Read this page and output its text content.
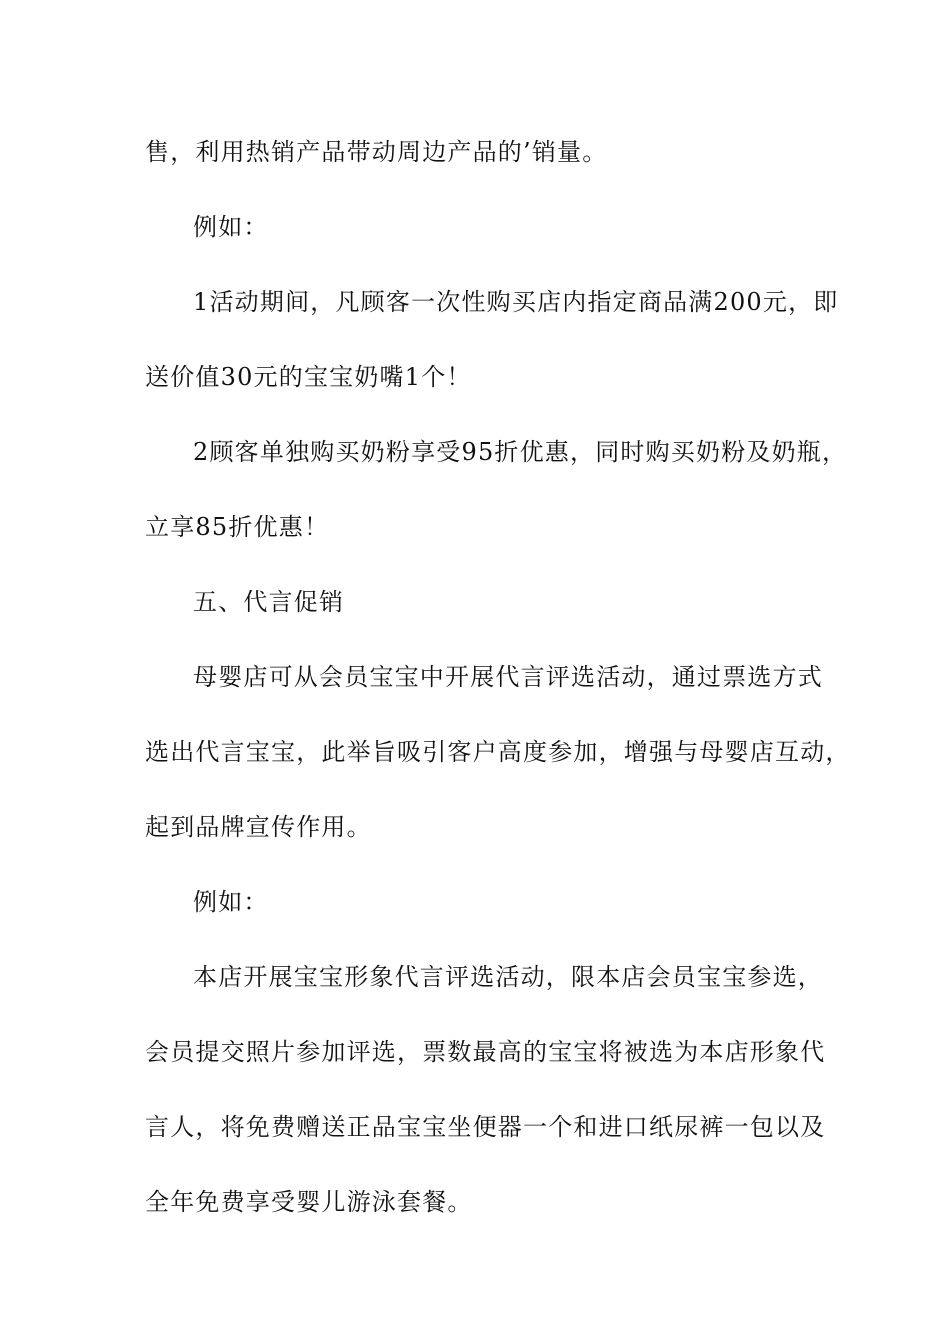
售，利用热销产品带动周边产品的’销量。
例如：
1活动期间，凡顾客一次性购买店内指定商品满200元，即
送价值30元的宝宝奶嘴1个！
2顾客单独购买奶粉享受95折优惠，同时购买奶粉及奶瓶，
立享85折优惠！
五、代言促销
母婴店可从会员宝宝中开展代言评选活动，通过票选方式
选出代言宝宝，此举旨吸引客户高度参加，增强与母婴店互动，
起到品牌宣传作用。
例如：
本店开展宝宝形象代言评选活动，限本店会员宝宝参选，
会员提交照片参加评选，票数最高的宝宝将被选为本店形象代
言人，将免费赠送正品宝宝坐便器一个和进口纸尿裤一包以及
全年免费享受婴儿游泳套餐。
